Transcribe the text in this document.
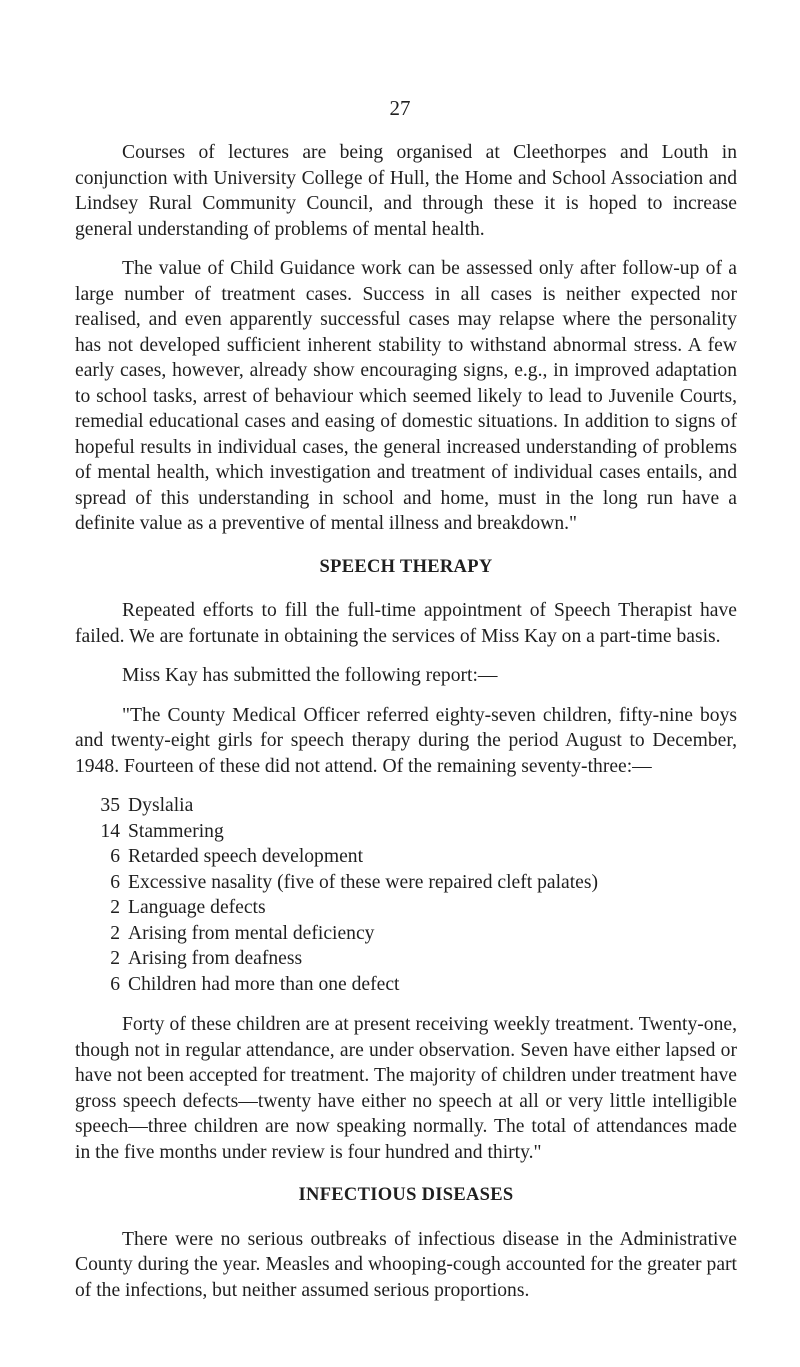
27

Courses of lectures are being organised at Cleethorpes and Louth in conjunction with University College of Hull, the Home and School Association and Lindsey Rural Community Council, and through these it is hoped to increase general understanding of problems of mental health.

The value of Child Guidance work can be assessed only after follow-up of a large number of treatment cases. Success in all cases is neither expected nor realised, and even apparently successful cases may relapse where the personality has not developed sufficient inherent stability to withstand abnormal stress. A few early cases, however, already show encouraging signs, e.g., in improved adaptation to school tasks, arrest of behaviour which seemed likely to lead to Juvenile Courts, remedial educational cases and easing of domestic situations. In addition to signs of hopeful results in individual cases, the general increased understanding of problems of mental health, which investigation and treatment of individual cases entails, and spread of this understanding in school and home, must in the long run have a definite value as a preventive of mental illness and breakdown."

SPEECH THERAPY

Repeated efforts to fill the full-time appointment of Speech Therapist have failed. We are fortunate in obtaining the services of Miss Kay on a part-time basis.

Miss Kay has submitted the following report:—

"The County Medical Officer referred eighty-seven children, fifty-nine boys and twenty-eight girls for speech therapy during the period August to December, 1948. Fourteen of these did not attend. Of the remaining seventy-three:—

35 Dyslalia
14 Stammering
6 Retarded speech development
6 Excessive nasality (five of these were repaired cleft palates)
2 Language defects
2 Arising from mental deficiency
2 Arising from deafness
6 Children had more than one defect

Forty of these children are at present receiving weekly treatment. Twenty-one, though not in regular attendance, are under observation. Seven have either lapsed or have not been accepted for treatment. The majority of children under treatment have gross speech defects—twenty have either no speech at all or very little intelligible speech—three children are now speaking normally. The total of attendances made in the five months under review is four hundred and thirty."

INFECTIOUS DISEASES

There were no serious outbreaks of infectious disease in the Administrative County during the year. Measles and whooping-cough accounted for the greater part of the infections, but neither assumed serious proportions.
